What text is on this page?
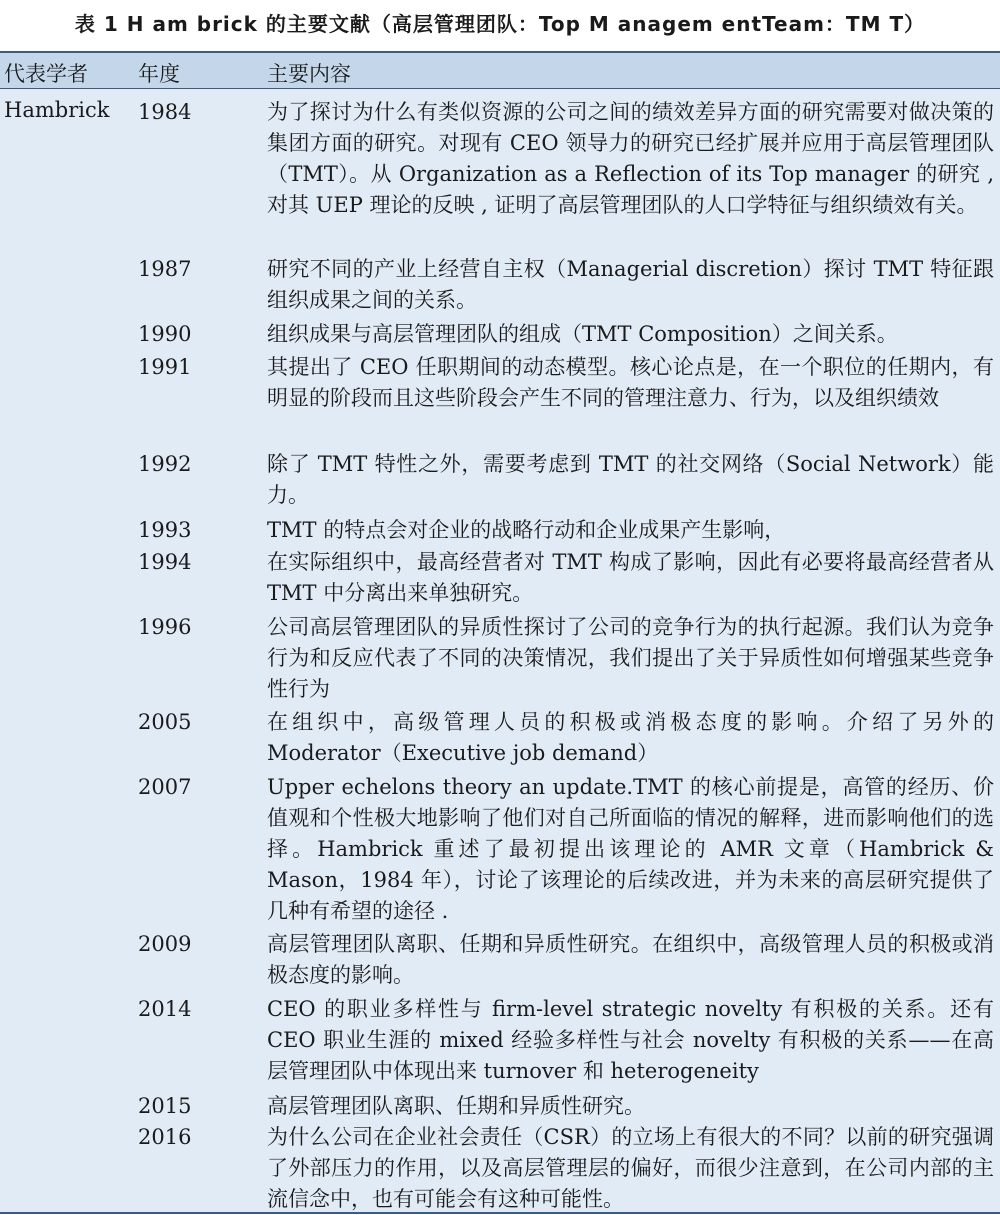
表 1 H am brick 的主要文献（高层管理团队：Top M anagem entTeam：TM T）
代表学者 年度	主要内容
Hambrick 1984	为了探讨为什么有类似资源的公司之间的绩效差异方面的研究需要对做决策的集团方面的研究。对现有 CEO 领导力的研究已经扩展并应用于高层管理团队（TMT）。从 Organization as a Reflection of its Top manager 的研究 , 对其 UEP 理论的反映 , 证明了高层管理团队的人口学特征与组织绩效有关。
1987	研究不同的产业上经营自主权（Managerial discretion）探讨 TMT 特征跟组织成果之间的关系。
1990	组织成果与高层管理团队的组成（TMT Composition）之间关系。
1991	其提出了 CEO 任职期间的动态模型。核心论点是，在一个职位的任期内，有明显的阶段而且这些阶段会产生不同的管理注意力、行为，以及组织绩效
1992	除了 TMT 特性之外，需要考虑到 TMT 的社交网络（Social Network）能力。
1993	TMT 的特点会对企业的战略行动和企业成果产生影响，
1994	在实际组织中，最高经营者对 TMT 构成了影响，因此有必要将最高经营者从 TMT 中分离出来单独研究。
1996	公司高层管理团队的异质性探讨了公司的竞争行为的执行起源。我们认为竞争行为和反应代表了不同的决策情况，我们提出了关于异质性如何增强某些竞争性行为
2005	在组织中，高级管理人员的积极或消极态度的影响。介绍了另外的 Moderator（Executive job demand）
2007	Upper echelons theory an update.TMT 的核心前提是，高管的经历、价值观和个性极大地影响了他们对自己所面临的情况的解释，进而影响他们的选择。Hambrick 重述了最初提出该理论的 AMR 文章（Hambrick & Mason，1984 年），讨论了该理论的后续改进，并为未来的高层研究提供了几种有希望的途径 .
2009	高层管理团队离职、任期和异质性研究。在组织中，高级管理人员的积极或消极态度的影响。
2014	CEO 的职业多样性与 firm-level strategic novelty 有积极的关系。还有 CEO 职业生涯的 mixed 经验多样性与社会 novelty 有积极的关系——在高层管理团队中体现出来 turnover 和 heterogeneity
2015	高层管理团队离职、任期和异质性研究。
2016	为什么公司在企业社会责任（CSR）的立场上有很大的不同？以前的研究强调了外部压力的作用，以及高层管理层的偏好，而很少注意到，在公司内部的主流信念中，也有可能会有这种可能性。
